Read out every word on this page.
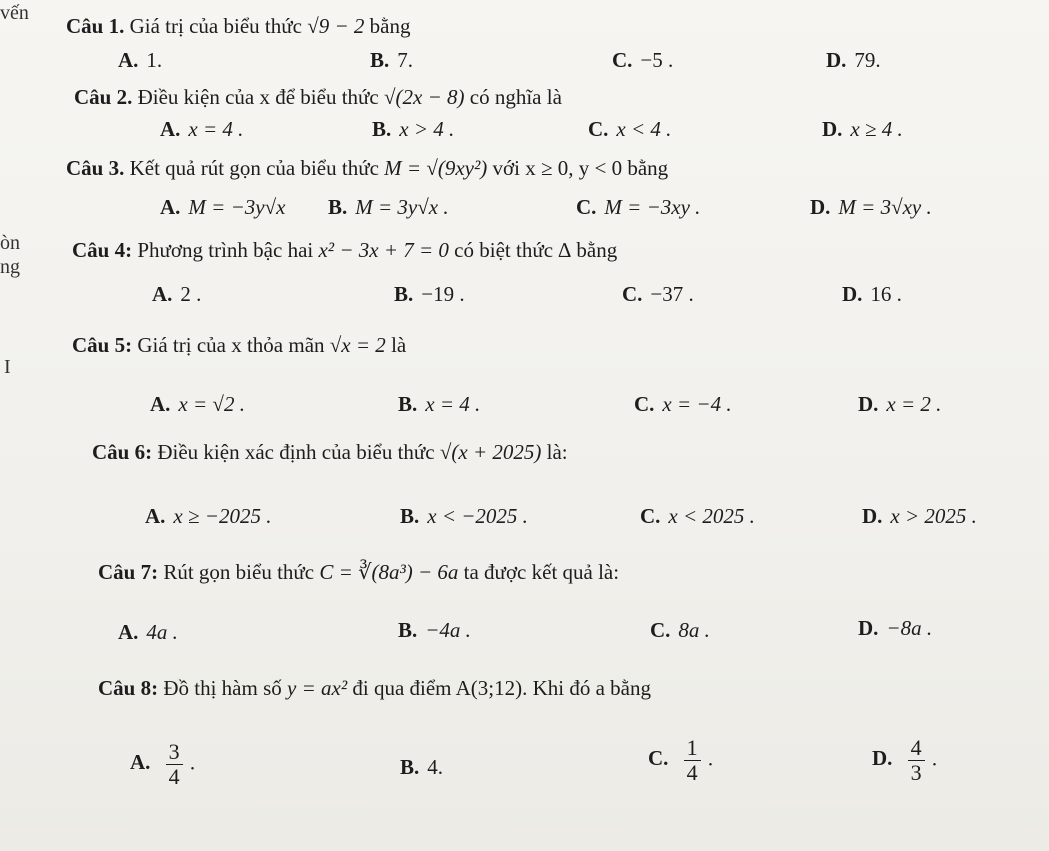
vến
òn
ng
I
Câu 1. Giá trị của biểu thức √9 − 2 bằng
A. 1.	B. 7.	C. −5 .	D. 79.
Câu 2. Điều kiện của x để biểu thức √(2x − 8) có nghĩa là
A. x = 4 .	B. x > 4 .	C. x < 4 .	D. x ≥ 4 .
Câu 3. Kết quả rút gọn của biểu thức M = √(9xy²) với x ≥ 0, y < 0 bằng
A. M = −3y√x B. M = 3y√x .	C. M = −3xy .	D. M = 3√xy .
Câu 4: Phương trình bậc hai x² − 3x + 7 = 0 có biệt thức ∆ bằng
A. 2 .	B. −19 .	C. −37 .	D. 16 .
Câu 5: Giá trị của x thỏa mãn √x = 2 là
A. x = √2 .	B. x = 4 .	C. x = −4 .	D. x = 2 .
Câu 6: Điều kiện xác định của biểu thức √(x + 2025) là:
A. x ≥ −2025 .	B. x < −2025 .	C. x < 2025 .	D. x > 2025 .
Câu 7: Rút gọn biểu thức C = ∛(8a³) − 6a ta được kết quả là:
A. 4a .	B. −4a .	C. 8a .	D. −8a .
Câu 8: Đồ thị hàm số y = ax² đi qua điểm A(3;12). Khi đó a bằng
A. $\frac{3}{4}$ .	B. 4.	C. $\frac{1}{4}$ .	D. $\frac{4}{3}$ .
